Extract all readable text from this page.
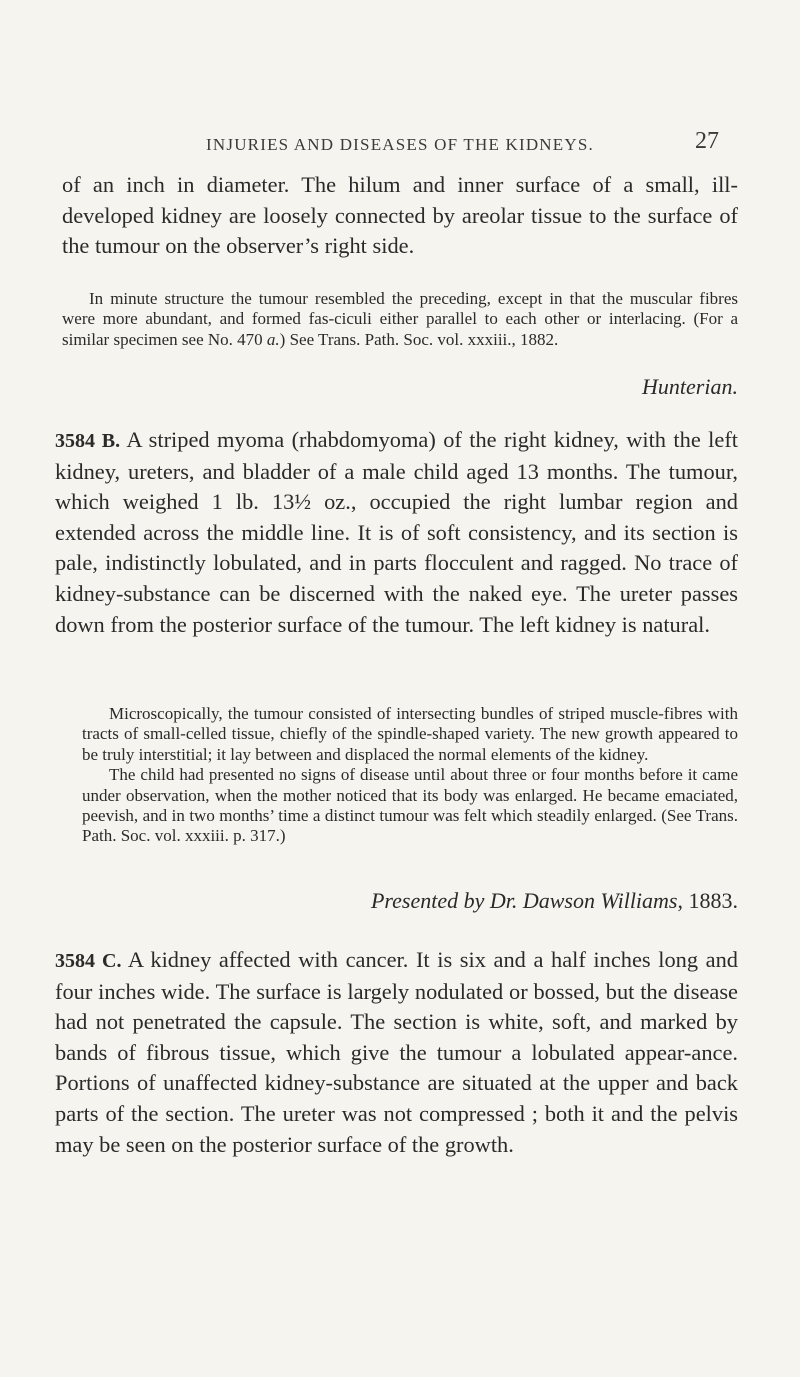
INJURIES AND DISEASES OF THE KIDNEYS.	27

of an inch in diameter. The hilum and inner surface of a small, ill-developed kidney are loosely connected by areolar tissue to the surface of the tumour on the observer’s right side.

In minute structure the tumour resembled the preceding, except in that the muscular fibres were more abundant, and formed fas-ciculi either parallel to each other or interlacing. (For a similar specimen see No. 470 a.) See Trans. Path. Soc. vol. xxxiii., 1882.

Hunterian.

3584 B. A striped myoma (rhabdomyoma) of the right kidney, with the left kidney, ureters, and bladder of a male child aged 13 months. The tumour, which weighed 1 lb. 13½ oz., occupied the right lumbar region and extended across the middle line. It is of soft consistency, and its section is pale, indistinctly lobulated, and in parts flocculent and ragged. No trace of kidney-substance can be discerned with the naked eye. The ureter passes down from the posterior surface of the tumour. The left kidney is natural.

Microscopically, the tumour consisted of intersecting bundles of striped muscle-fibres with tracts of small-celled tissue, chiefly of the spindle-shaped variety. The new growth appeared to be truly interstitial; it lay between and displaced the normal elements of the kidney.

The child had presented no signs of disease until about three or four months before it came under observation, when the mother noticed that its body was enlarged. He became emaciated, peevish, and in two months’ time a distinct tumour was felt which steadily enlarged. (See Trans. Path. Soc. vol. xxxiii. p. 317.)

Presented by Dr. Dawson Williams, 1883.

3584 C. A kidney affected with cancer. It is six and a half inches long and four inches wide. The surface is largely nodulated or bossed, but the disease had not penetrated the capsule. The section is white, soft, and marked by bands of fibrous tissue, which give the tumour a lobulated appear-ance. Portions of unaffected kidney-substance are situated at the upper and back parts of the section. The ureter was not compressed ; both it and the pelvis may be seen on the posterior surface of the growth.
